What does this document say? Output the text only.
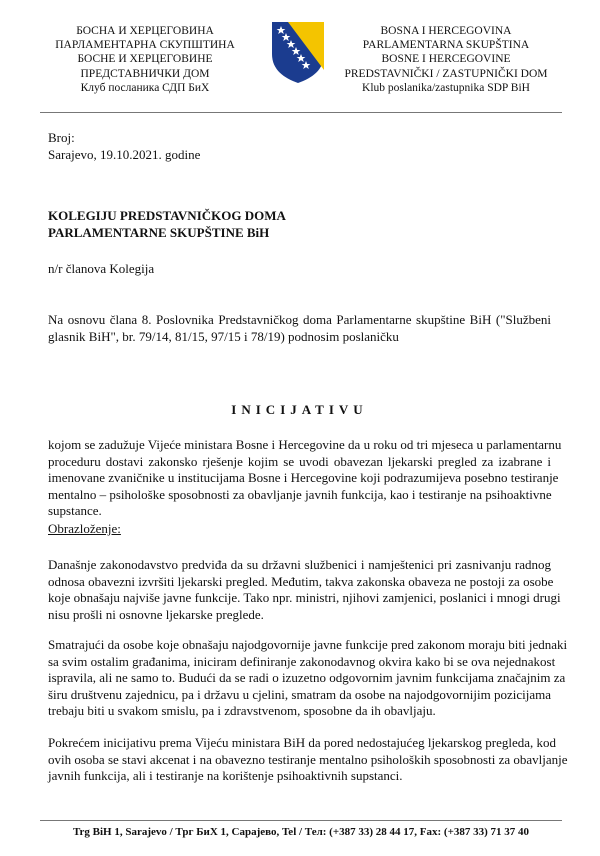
БОСНА И ХЕРЦЕГОВИНА
ПАРЛАМЕНТАРНА СКУПШТИНА
БОСНЕ И ХЕРЦЕГОВИНЕ
ПРЕДСТАВНИЧКИ ДОМ
Клуб посланика СДП БиХ
BOSNA I HERCEGOVINA
PARLAMENTARNA SKUPŠTINA
BOSNE I HERCEGOVINE
PREDSTAVNIČKI / ZASTUPNIČKI DOM
Klub poslanika/zastupnika SDP BiH
Broj:
Sarajevo, 19.10.2021. godine
KOLEGIJU PREDSTAVNIČKOG DOMA
PARLAMENTARNE SKUPŠTINE BiH
n/r članova Kolegija
Na osnovu člana 8. Poslovnika Predstavničkog doma Parlamentarne skupštine BiH ("Službeni
glasnik BiH", br. 79/14, 81/15, 97/15 i 78/19) podnosim poslaničku
INICIJATIVU
kojom se zadužuje Vijeće ministara Bosne i Hercegovine da u roku od tri mjeseca u parlamentarnu
proceduru dostavi zakonsko rješenje kojim se uvodi obavezan ljekarski pregled za izabrane i
imenovane zvaničnike u institucijama Bosne i Hercegovine koji podrazumijeva posebno testiranje
mentalno – psihološke sposobnosti za obavljanje javnih funkcija, kao i testiranje na psihoaktivne
supstance.
Obrazloženje:
Današnje zakonodavstvo predviđa da su državni službenici i namještenici pri zasnivanju radnog
odnosa obavezni izvršiti ljekarski pregled. Međutim, takva zakonska obaveza ne postoji za osobe
koje obnašaju najviše javne funkcije. Tako npr. ministri, njihovi zamjenici, poslanici i mnogi drugi
nisu prošli ni osnovne ljekarske preglede.
Smatrajući da osobe koje obnašaju najodgovornije javne funkcije pred zakonom moraju biti jednaki
sa svim ostalim građanima, iniciram definiranje zakonodavnog okvira kako bi se ova nejednakost
ispravila, ali ne samo to. Budući da se radi o izuzetno odgovornim javnim funkcijama značajnim za
širu društvenu zajednicu, pa i državu u cjelini, smatram da osobe na najodgovornijim pozicijama
trebaju biti u svakom smislu, pa i zdravstvenom, sposobne da ih obavljaju.
Pokrećem inicijativu prema Vijeću ministara BiH da pored nedostajućeg ljekarskog pregleda, kod
ovih osoba se stavi akcenat i na obavezno testiranje mentalno psiholoških sposobnosti za obavljanje
javnih funkcija, ali i testiranje na korištenje psihoaktivnih supstanci.
Trg BiH 1, Sarajevo / Трг БиХ 1, Сарајево, Tel / Тел: (+387 33) 28 44 17, Fax: (+387 33) 71 37 40
